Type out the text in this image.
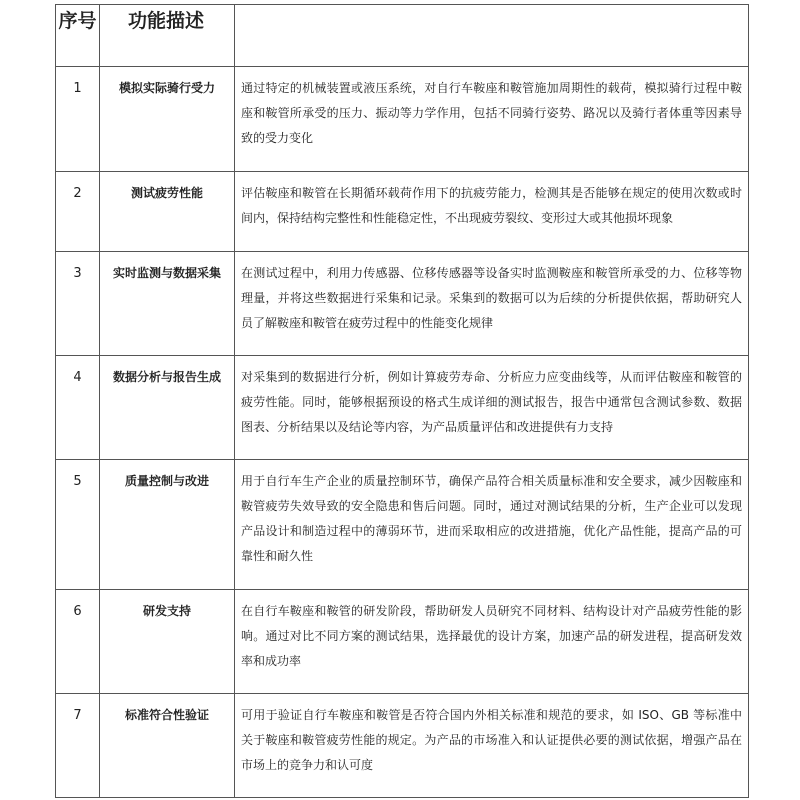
序号	功能描述	
1	模拟实际骑行受力	通过特定的机械装置或液压系统，对自行车鞍座和鞍管施加周期性的载荷，模拟骑行过程中鞍座和鞍管所承受的压力、振动等力学作用，包括不同骑行姿势、路况以及骑行者体重等因素导致的受力变化
2	测试疲劳性能	评估鞍座和鞍管在长期循环载荷作用下的抗疲劳能力，检测其是否能够在规定的使用次数或时间内，保持结构完整性和性能稳定性，不出现疲劳裂纹、变形过大或其他损坏现象
3	实时监测与数据采集	在测试过程中，利用力传感器、位移传感器等设备实时监测鞍座和鞍管所承受的力、位移等物理量，并将这些数据进行采集和记录。采集到的数据可以为后续的分析提供依据，帮助研究人员了解鞍座和鞍管在疲劳过程中的性能变化规律
4	数据分析与报告生成	对采集到的数据进行分析，例如计算疲劳寿命、分析应力应变曲线等，从而评估鞍座和鞍管的疲劳性能。同时，能够根据预设的格式生成详细的测试报告，报告中通常包含测试参数、数据图表、分析结果以及结论等内容，为产品质量评估和改进提供有力支持
5	质量控制与改进	用于自行车生产企业的质量控制环节，确保产品符合相关质量标准和安全要求，减少因鞍座和鞍管疲劳失效导致的安全隐患和售后问题。同时，通过对测试结果的分析，生产企业可以发现产品设计和制造过程中的薄弱环节，进而采取相应的改进措施，优化产品性能，提高产品的可靠性和耐久性
6	研发支持	在自行车鞍座和鞍管的研发阶段，帮助研发人员研究不同材料、结构设计对产品疲劳性能的影响。通过对比不同方案的测试结果，选择最优的设计方案，加速产品的研发进程，提高研发效率和成功率
7	标准符合性验证	可用于验证自行车鞍座和鞍管是否符合国内外相关标准和规范的要求，如 ISO、GB 等标准中关于鞍座和鞍管疲劳性能的规定。为产品的市场准入和认证提供必要的测试依据，增强产品在市场上的竞争力和认可度
